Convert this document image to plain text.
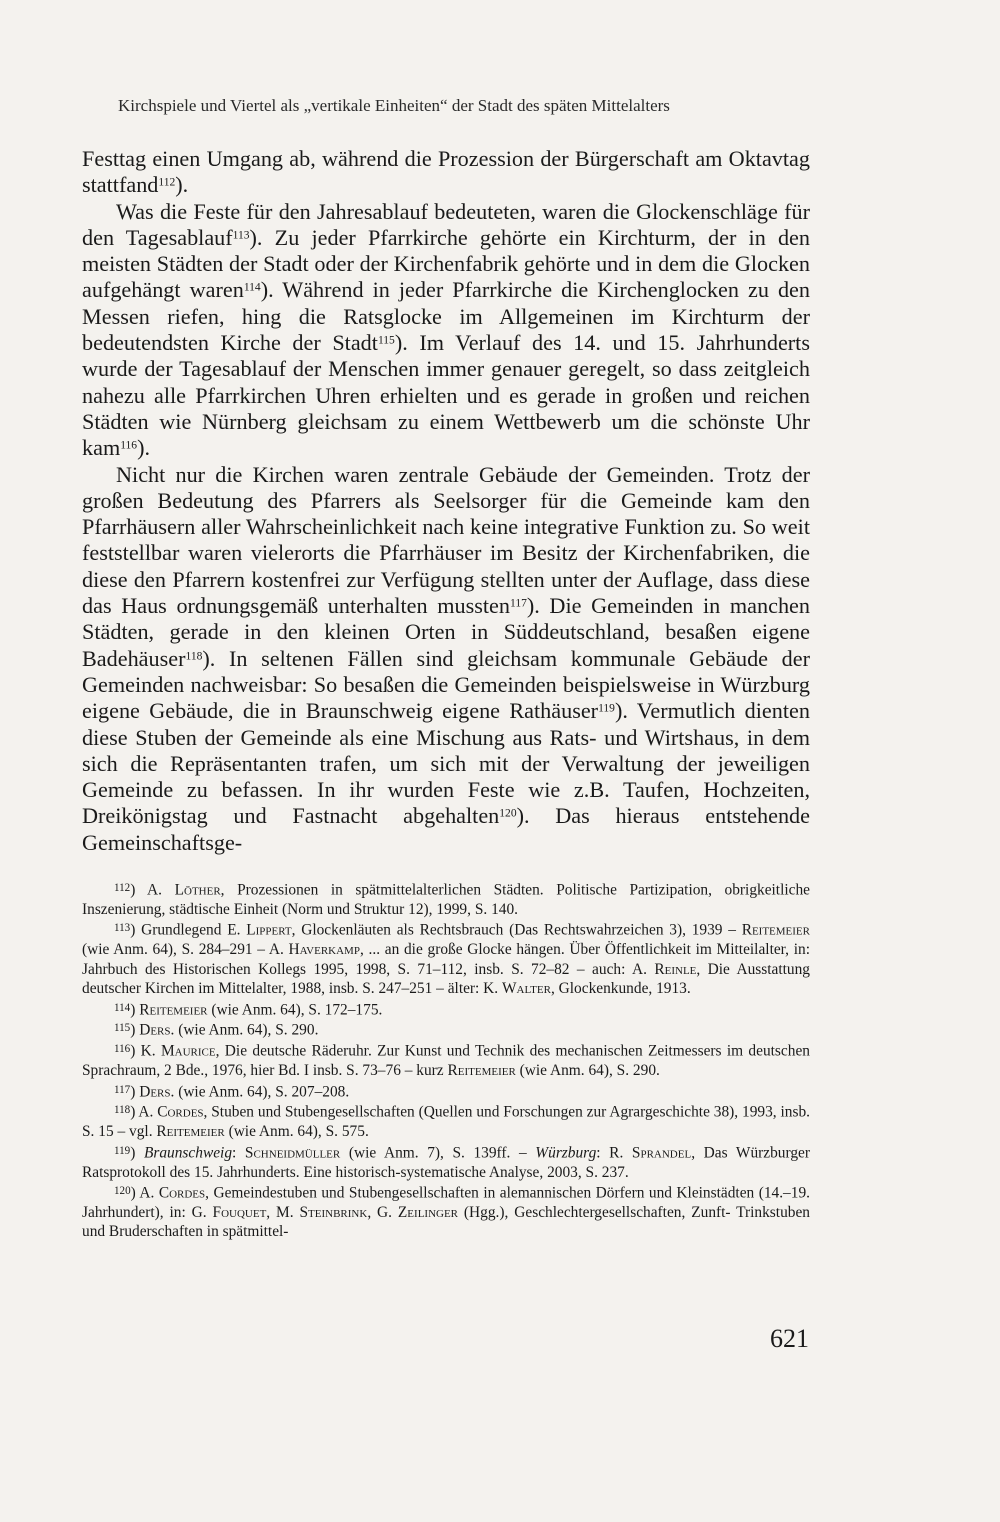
Kirchspiele und Viertel als „vertikale Einheiten“ der Stadt des späten Mittelalters

Festtag einen Umgang ab, während die Prozession der Bürgerschaft am Oktavtag stattfand$^{112}$).

Was die Feste für den Jahresablauf bedeuteten, waren die Glockenschläge für den Tagesablauf$^{113}$). Zu jeder Pfarrkirche gehörte ein Kirchturm, der in den meisten Städten der Stadt oder der Kirchenfabrik gehörte und in dem die Glocken aufgehängt waren$^{114}$). Während in jeder Pfarrkirche die Kirchenglocken zu den Messen riefen, hing die Ratsglocke im Allgemeinen im Kirchturm der bedeutendsten Kirche der Stadt$^{115}$). Im Verlauf des 14. und 15. Jahrhunderts wurde der Tagesablauf der Menschen immer genauer geregelt, so dass zeitgleich nahezu alle Pfarrkirchen Uhren erhielten und es gerade in großen und reichen Städten wie Nürnberg gleichsam zu einem Wettbewerb um die schönste Uhr kam$^{116}$).

Nicht nur die Kirchen waren zentrale Gebäude der Gemeinden. Trotz der großen Bedeutung des Pfarrers als Seelsorger für die Gemeinde kam den Pfarrhäusern aller Wahrscheinlichkeit nach keine integrative Funktion zu. So weit feststellbar waren vielerorts die Pfarrhäuser im Besitz der Kirchenfabriken, die diese den Pfarrern kostenfrei zur Verfügung stellten unter der Auflage, dass diese das Haus ordnungsgemäß unterhalten mussten$^{117}$). Die Gemeinden in manchen Städten, gerade in den kleinen Orten in Süddeutschland, besaßen eigene Badehäuser$^{118}$). In seltenen Fällen sind gleichsam kommunale Gebäude der Gemeinden nachweisbar: So besaßen die Gemeinden beispielsweise in Würzburg eigene Gebäude, die in Braunschweig eigene Rathäuser$^{119}$). Vermutlich dienten diese Stuben der Gemeinde als eine Mischung aus Rats- und Wirtshaus, in dem sich die Repräsentanten trafen, um sich mit der Verwaltung der jeweiligen Gemeinde zu befassen. In ihr wurden Feste wie z.B. Taufen, Hochzeiten, Dreikönigstag und Fastnacht abgehalten$^{120}$). Das hieraus entstehende Gemeinschaftsge-

$^{112}$) A. Löther, Prozessionen in spätmittelalterlichen Städten. Politische Partizipation, obrigkeitliche Inszenierung, städtische Einheit (Norm und Struktur 12), 1999, S. 140.

$^{113}$) Grundlegend E. Lippert, Glockenläuten als Rechtsbrauch (Das Rechtswahrzeichen 3), 1939 – Reitemeier (wie Anm. 64), S. 284–291 – A. Haverkamp, ... an die große Glocke hängen. Über Öffentlichkeit im Mitteilalter, in: Jahrbuch des Historischen Kollegs 1995, 1998, S. 71–112, insb. S. 72–82 – auch: A. Reinle, Die Ausstattung deutscher Kirchen im Mittelalter, 1988, insb. S. 247–251 – älter: K. Walter, Glockenkunde, 1913.

$^{114}$) Reitemeier (wie Anm. 64), S. 172–175.

$^{115}$) Ders. (wie Anm. 64), S. 290.

$^{116}$) K. Maurice, Die deutsche Räderuhr. Zur Kunst und Technik des mechanischen Zeitmessers im deutschen Sprachraum, 2 Bde., 1976, hier Bd. I insb. S. 73–76 – kurz Reitemeier (wie Anm. 64), S. 290.

$^{117}$) Ders. (wie Anm. 64), S. 207–208.

$^{118}$) A. Cordes, Stuben und Stubengesellschaften (Quellen und Forschungen zur Agrargeschichte 38), 1993, insb. S. 15 – vgl. Reitemeier (wie Anm. 64), S. 575.

$^{119}$) Braunschweig: Schneidmüller (wie Anm. 7), S. 139ff. – Würzburg: R. Sprandel, Das Würzburger Ratsprotokoll des 15. Jahrhunderts. Eine historisch-systematische Analyse, 2003, S. 237.

$^{120}$) A. Cordes, Gemeindestuben und Stubengesellschaften in alemannischen Dörfern und Kleinstädten (14.–19. Jahrhundert), in: G. Fouquet, M. Steinbrink, G. Zeilinger (Hgg.), Geschlechtergesellschaften, Zunft- Trinkstuben und Bruderschaften in spätmittel-

621
